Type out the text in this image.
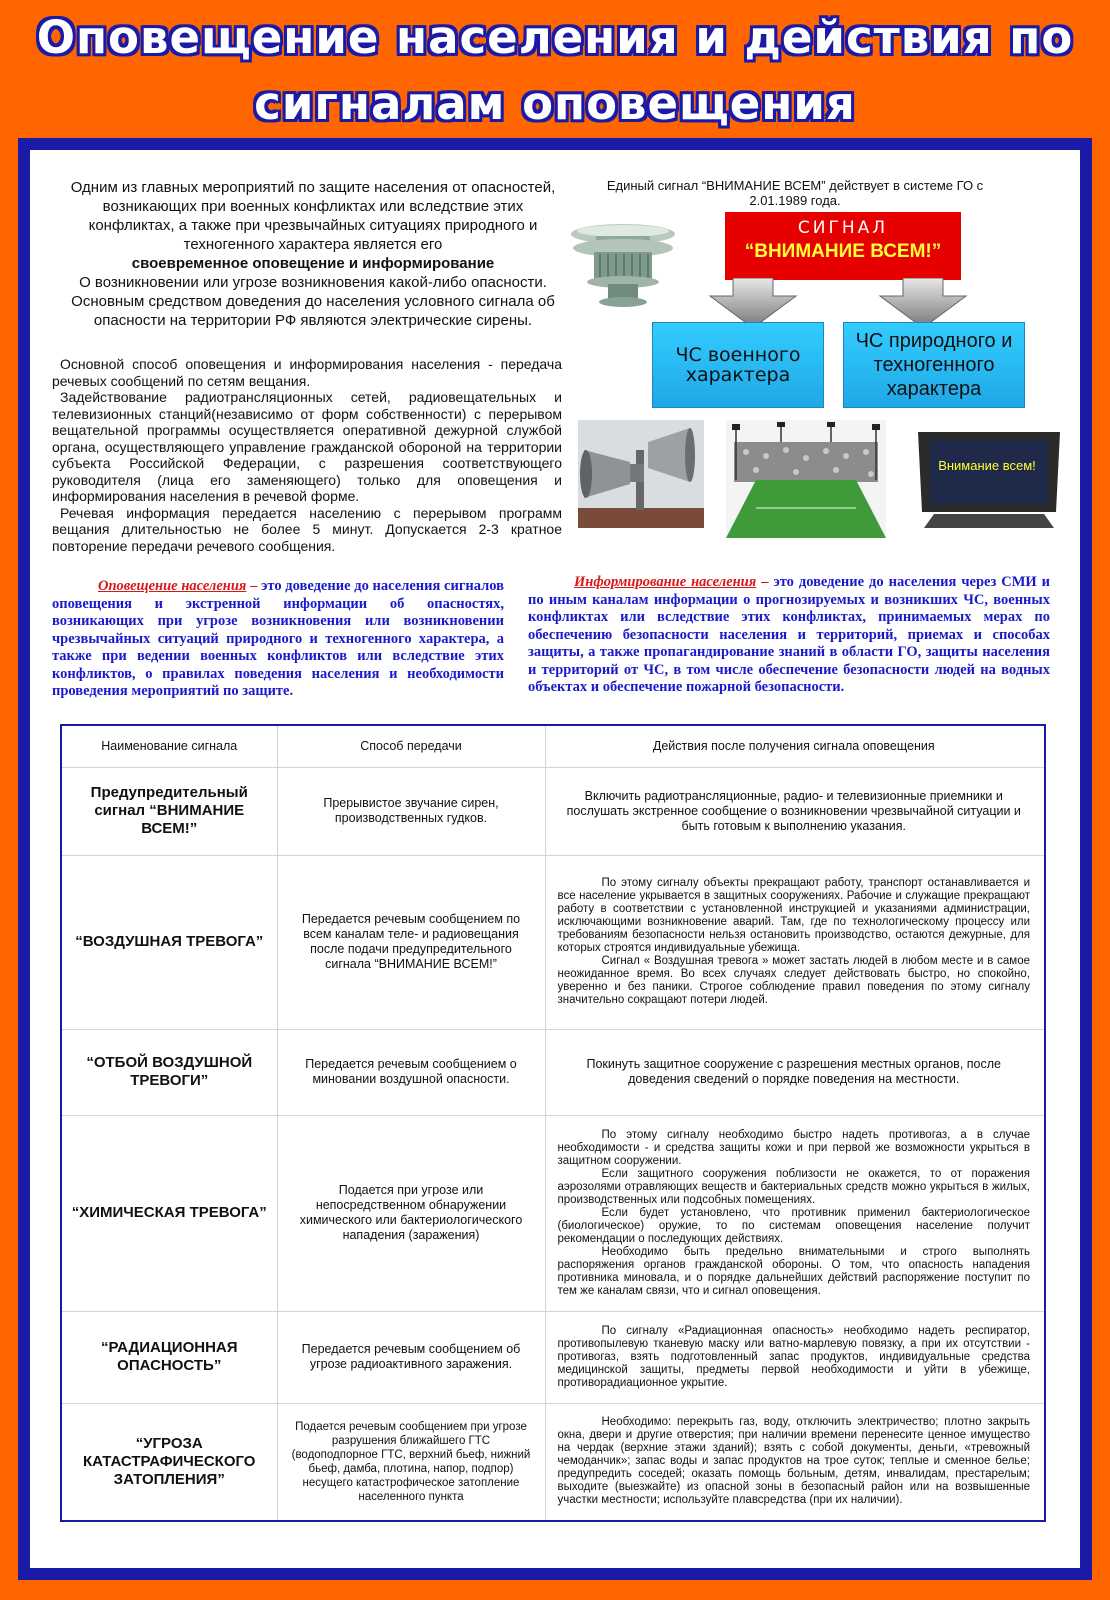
Оповещение населения и действия по
сигналам оповещения
Одним из главных мероприятий по защите населения от опасностей, возникающих при военных конфликтах или вследствие этих конфликтах, а также при чрезвычайных ситуациях природного и техногенного характера является его
своевременное оповещение и информирование
О возникновении или угрозе возникновения какой-либо опасности. Основным средством доведения до населения условного сигнала об опасности на территории РФ являются электрические сирены.

Основной способ оповещения и информирования населения - передача речевых сообщений по сетям вещания.

Задействование радиотрансляционных сетей, радиовещательных и телевизионных станций(независимо от форм собственности) с перерывом вещательной программы осуществляется оперативной дежурной службой органа, осуществляющего управление гражданской обороной на территории субъекта Российской Федерации, с разрешения соответствующего руководителя (лица его заменяющего) только для оповещения и информирования населения в речевой форме.

Речевая информация передается населению с перерывом программ вещания длительностью не более 5 минут. Допускается 2-3 кратное повторение передачи речевого сообщения.

Единый сигнал “ВНИМАНИЕ ВСЕМ” действует в системе ГО с 2.01.1989 года.
СИГНАЛ
“ВНИМАНИЕ ВСЕМ!”
ЧС военного характера
ЧС природного и техногенного характера
Внимание всем!
Оповещение населения – это доведение до населения сигналов оповещения и экстренной информации об опасностях, возникающих при угрозе возникновения или возникновении чрезвычайных ситуаций природного и техногенного характера, а также при ведении военных конфликтов или вследствие этих конфликтов, о правилах поведения населения и необходимости проведения мероприятий по защите.
Информирование населения – это доведение до населения через СМИ и по иным каналам информации о прогнозируемых и возникших ЧС, военных конфликтах или вследствие этих конфликтах, принимаемых мерах по обеспечению безопасности населения и территорий, приемах и способах защиты, а также пропагандирование знаний в области ГО, защиты населения и территорий от ЧС, в том числе обеспечение безопасности людей на водных объектах и обеспечение пожарной безопасности.
Наименование сигнала	Способ передачи	Действия после получения сигнала оповещения
Предупредительный сигнал “ВНИМАНИЕ ВСЕМ!”	Прерывистое звучание сирен, производственных гудков.	Включить радиотрансляционные, радио- и телевизионные приемники и послушать экстренное сообщение о возникновении чрезвычайной ситуации и быть готовым к выполнению указания.

“ВОЗДУШНАЯ ТРЕВОГА”	Передается речевым сообщением по всем каналам теле- и радиовещания после подачи предупредительного сигнала “ВНИМАНИЕ ВСЕМ!”	По этому сигналу объекты прекращают работу, транспорт останавливается и все население укрывается в защитных сооружениях. Рабочие и служащие прекращают работу в соответствии с установленной инструкцией и указаниями администрации, исключающими возникновение аварий. Там, где по технологическому процессу или требованиям безопасности нельзя остановить производство, остаются дежурные, для которых строятся индивидуальные убежища.

Сигнал « Воздушная тревога » может застать людей в любом месте и в самое неожиданное время. Во всех случаях следует действовать быстро, но спокойно, уверенно и без паники. Строгое соблюдение правил поведения по этому сигналу значительно сокращают потери людей.

“ОТБОЙ ВОЗДУШНОЙ ТРЕВОГИ”	Передается речевым сообщением о миновании воздушной опасности.	Покинуть защитное сооружение с разрешения местных органов, после доведения сведений о порядке поведения на местности.

“ХИМИЧЕСКАЯ ТРЕВОГА”	Подается при угрозе или непосредственном обнаружении химического или бактериологического нападения (заражения)	По этому сигналу необходимо быстро надеть противогаз, а в случае необходимости - и средства защиты кожи и при первой же возможности укрыться в защитном сооружении.

Если защитного сооружения поблизости не окажется, то от поражения аэрозолями отравляющих веществ и бактериальных средств можно укрыться в жилых, производственных или подсобных помещениях.

Если будет установлено, что противник применил бактериологическое (биологическое) оружие, то по системам оповещения население получит рекомендации о последующих действиях.

Необходимо быть предельно внимательными и строго выполнять распоряжения органов гражданской обороны. О том, что опасность нападения противника миновала, и о порядке дальнейших действий распоряжение поступит по тем же каналам связи, что и сигнал оповещения.

“РАДИАЦИОННАЯ ОПАСНОСТЬ”	Передается речевым сообщением об угрозе радиоактивного заражения.	По сигналу «Радиационная опасность» необходимо надеть респиратор, противопылевую тканевую маску или ватно-марлевую повязку, а при их отсутствии - противогаз, взять подготовленный запас продуктов, индивидуальные средства медицинской защиты, предметы первой необходимости и уйти в убежище, противорадиационное укрытие.

“УГРОЗА КАТАСТРАФИЧЕСКОГО ЗАТОПЛЕНИЯ”	Подается речевым сообщением при угрозе разрушения ближайшего ГТС (водоподпорное ГТС, верхний бьеф, нижний бьеф, дамба, плотина, напор, подпор) несущего катастрофическое затопление населенного пункта	Необходимо: перекрыть газ, воду, отключить электричество; плотно закрыть окна, двери и другие отверстия; при наличии времени перенесите ценное имущество на чердак (верхние этажи зданий); взять с собой документы, деньги, «тревожный чемоданчик»; запас воды и запас продуктов на трое суток; теплые и сменное белье; предупредить соседей; оказать помощь больным, детям, инвалидам, престарелым; выходите (выезжайте) из опасной зоны в безопасный район или на возвышенные участки местности; используйте плавсредства (при их наличии).
